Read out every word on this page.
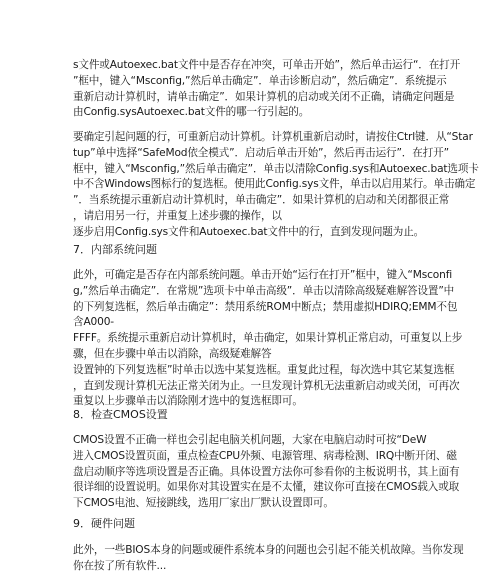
s文件或Autoexec.bat文件中是否存在冲突，可单击开始”，然后单击运行“．在打开
”框中，键入“Msconfig,”然后单击确定”．单击诊断启动”，然后确定”．系统提示
重新启动计算机时，请单击确定”．如果计算机的启动或关闭不正确，请确定问题是
由Config.sysAutoexec.bat文件的哪一行引起的。
要确定引起问题的行，可重新启动计算机。计算机重新启动时，请按住Ctrl键．从“Star
tup”单中选择“SafeMod依全模式”．启动后单击开始”，然后再击运行”．在打开”
框中，键入“Msconfig,”然后单击确定”．单击以清除Config.sys和Autoexec.bat选项卡
中不含Windows图标行的复选框。使用此Config.sys文件，单击以启用某行。单击确定
”．当系统提示重新启动计算机时，单击确定”．如果计算机的启动和关闭都很正常
，请启用另一行，并重复上述步骤的操作，以
逐步启用Config.sys文件和Autoexec.bat文件中的行，直到发现问题为止。
7．内部系统问题
此外，可确定是否存在内部系统问题。单击开始“运行在打开”框中，键入“Msconfi
g,”然后单击确定”．在常规”选项卡中单击高级”．单击以清除高级疑难解答设置”中
的下列复选框，然后单击确定”：禁用系统ROM中断点；禁用虚拟HDIRQ;EMM不包
含A000-
FFFF。系统提示重新启动计算机时，单击确定，如果计算机正常启动，可重复以上步
骤，但在步骤中单击以消除，高级疑难解答
设置钟的下列复选框”时单击以选中某复选框。重复此过程，每次选中其它某复选框
，直到发现计算机无法正常关闭为止。一旦发现计算机无法重新启动或关闭，可再次
重复以上步骤单击以消除刚才选中的复选框即可。
8．检查CMOS设置
CMOS设置不正确一样也会引起电脑关机问题，大家在电脑启动时可按“DeW
进入CMOS设置页面，重点检查CPU外频、电源管理、病毒检测、IRQ中断开闭、磁
盘启动顺序等选项设置是否正确。具体设置方法你可参看你的主板说明书，其上面有
很详细的设置说明。如果你对其设置实在是不太懂，建议你可直接在CMOS载入或取
下CMOS电池、短接跳线，选用厂家出厂默认设置即可。
9．硬件问题
此外，一些BIOS本身的问题或硬件系统本身的问题也会引起不能关机故障。当你发现
你在按了所有软件...
